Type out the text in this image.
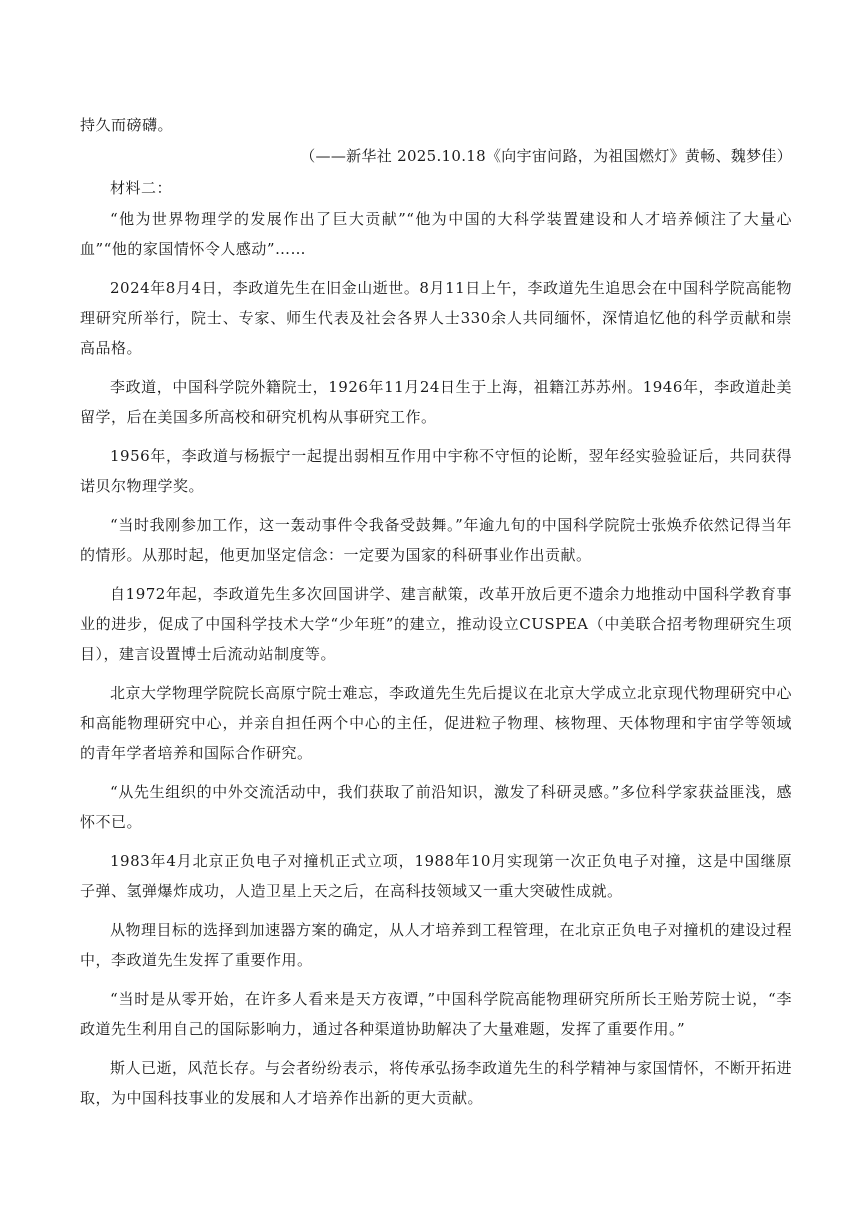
持久而磅礴。

（——新华社 2025.10.18《向宇宙问路，为祖国燃灯》黄畅、魏梦佳）

材料二：

“他为世界物理学的发展作出了巨大贡献”“他为中国的大科学装置建设和人才培养倾注了大量心血”“他的家国情怀令人感动”……

2024年8月4日，李政道先生在旧金山逝世。8月11日上午，李政道先生追思会在中国科学院高能物理研究所举行，院士、专家、师生代表及社会各界人士330余人共同缅怀，深情追忆他的科学贡献和崇高品格。

李政道，中国科学院外籍院士，1926年11月24日生于上海，祖籍江苏苏州。1946年，李政道赴美留学，后在美国多所高校和研究机构从事研究工作。

1956年，李政道与杨振宁一起提出弱相互作用中宇称不守恒的论断，翌年经实验验证后，共同获得诺贝尔物理学奖。

“当时我刚参加工作，这一轰动事件令我备受鼓舞。”年逾九旬的中国科学院院士张焕乔依然记得当年的情形。从那时起，他更加坚定信念：一定要为国家的科研事业作出贡献。

自1972年起，李政道先生多次回国讲学、建言献策，改革开放后更不遗余力地推动中国科学教育事业的进步，促成了中国科学技术大学“少年班”的建立，推动设立CUSPEA（中美联合招考物理研究生项目），建言设置博士后流动站制度等。

北京大学物理学院院长高原宁院士难忘，李政道先生先后提议在北京大学成立北京现代物理研究中心和高能物理研究中心，并亲自担任两个中心的主任，促进粒子物理、核物理、天体物理和宇宙学等领域的青年学者培养和国际合作研究。

“从先生组织的中外交流活动中，我们获取了前沿知识，激发了科研灵感。”多位科学家获益匪浅，感怀不已。

1983年4月北京正负电子对撞机正式立项，1988年10月实现第一次正负电子对撞，这是中国继原子弹、氢弹爆炸成功，人造卫星上天之后，在高科技领域又一重大突破性成就。

从物理目标的选择到加速器方案的确定，从人才培养到工程管理，在北京正负电子对撞机的建设过程中，李政道先生发挥了重要作用。

“当时是从零开始，在许多人看来是天方夜谭，”中国科学院高能物理研究所所长王贻芳院士说，“李政道先生利用自己的国际影响力，通过各种渠道协助解决了大量难题，发挥了重要作用。”

斯人已逝，风范长存。与会者纷纷表示，将传承弘扬李政道先生的科学精神与家国情怀，不断开拓进取，为中国科技事业的发展和人才培养作出新的更大贡献。
